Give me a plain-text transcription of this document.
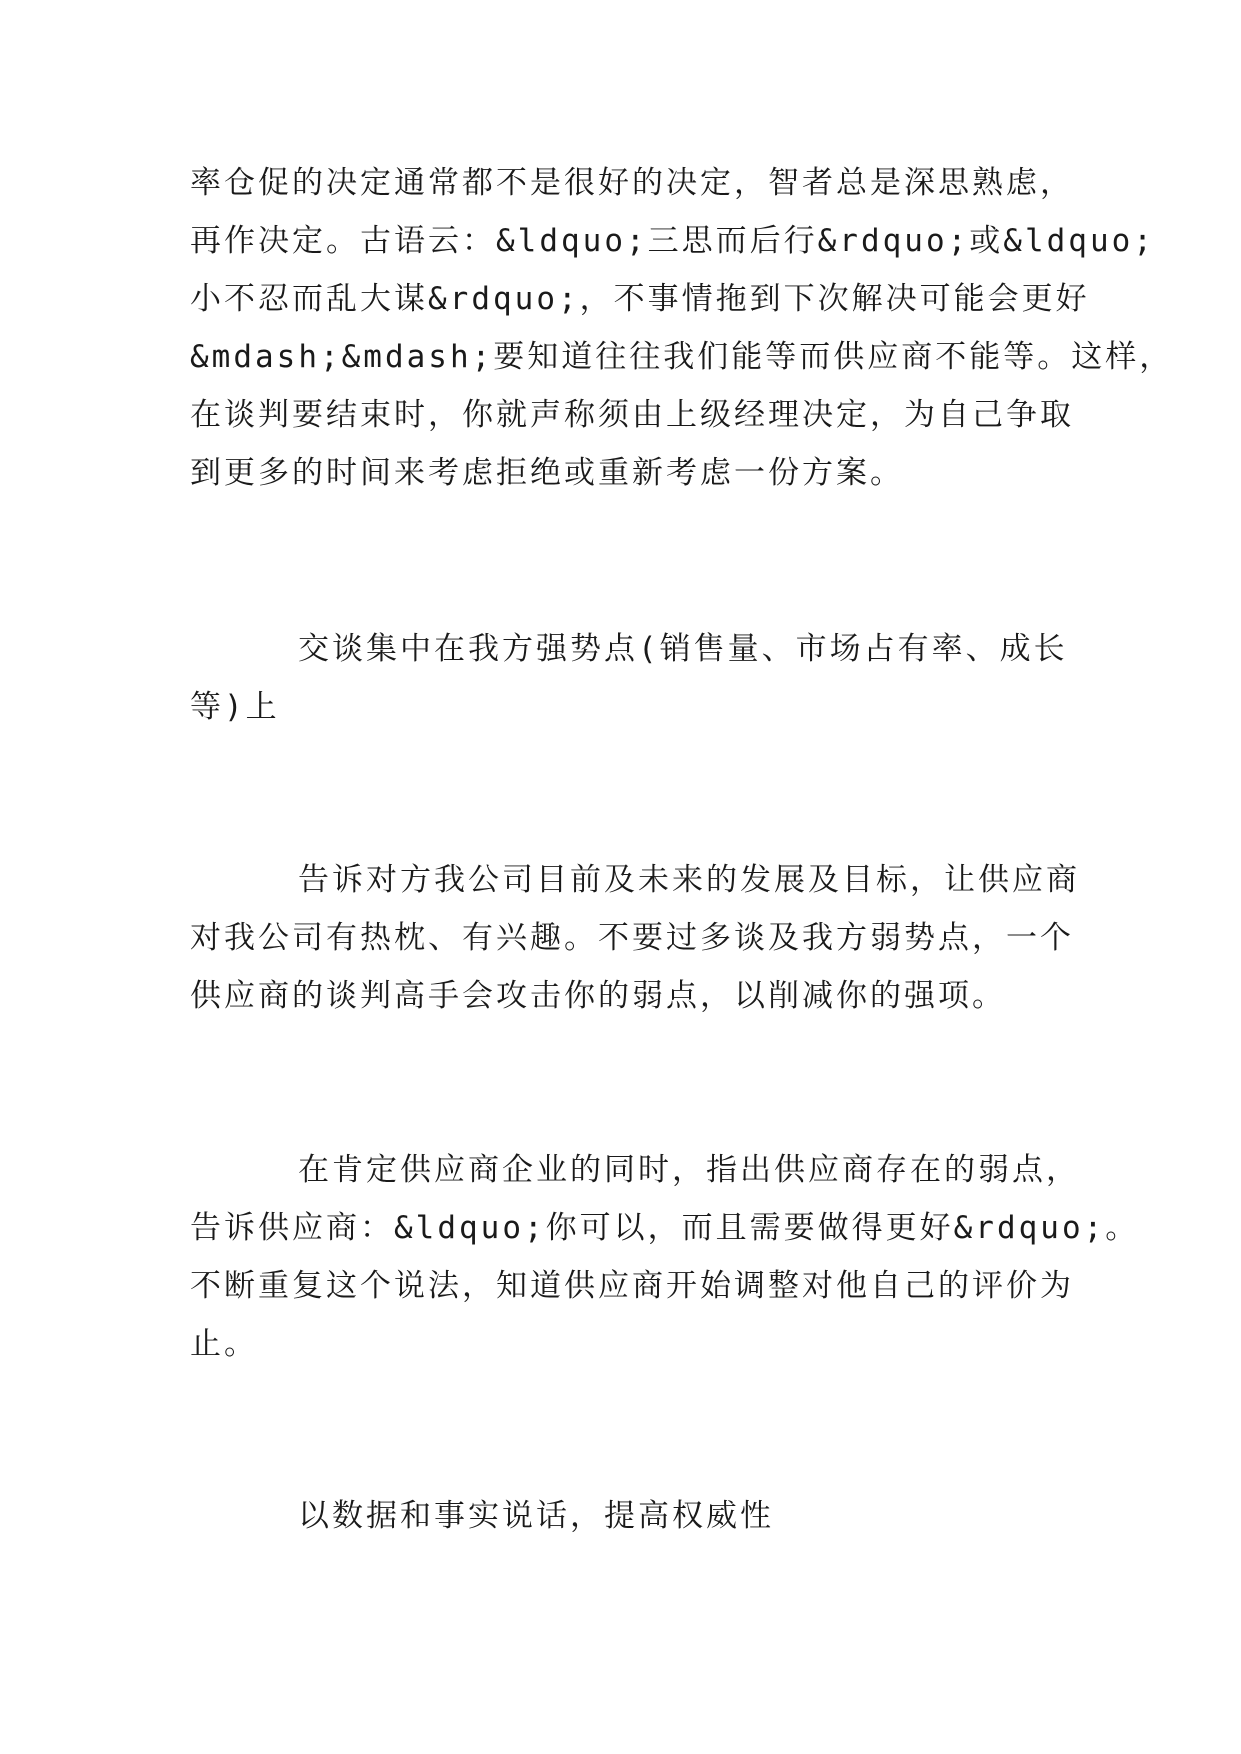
率仓促的决定通常都不是很好的决定，智者总是深思熟虑，
再作决定。古语云：&ldquo;三思而后行&rdquo;或&ldquo;
小不忍而乱大谋&rdquo;，不事情拖到下次解决可能会更好
&mdash;&mdash;要知道往往我们能等而供应商不能等。这样，
在谈判要结束时，你就声称须由上级经理决定，为自己争取
到更多的时间来考虑拒绝或重新考虑一份方案。
交谈集中在我方强势点(销售量、市场占有率、成长
等)上
告诉对方我公司目前及未来的发展及目标，让供应商
对我公司有热枕、有兴趣。不要过多谈及我方弱势点，一个
供应商的谈判高手会攻击你的弱点，以削减你的强项。
在肯定供应商企业的同时，指出供应商存在的弱点，
告诉供应商：&ldquo;你可以，而且需要做得更好&rdquo;。
不断重复这个说法，知道供应商开始调整对他自己的评价为
止。
以数据和事实说话，提高权威性
